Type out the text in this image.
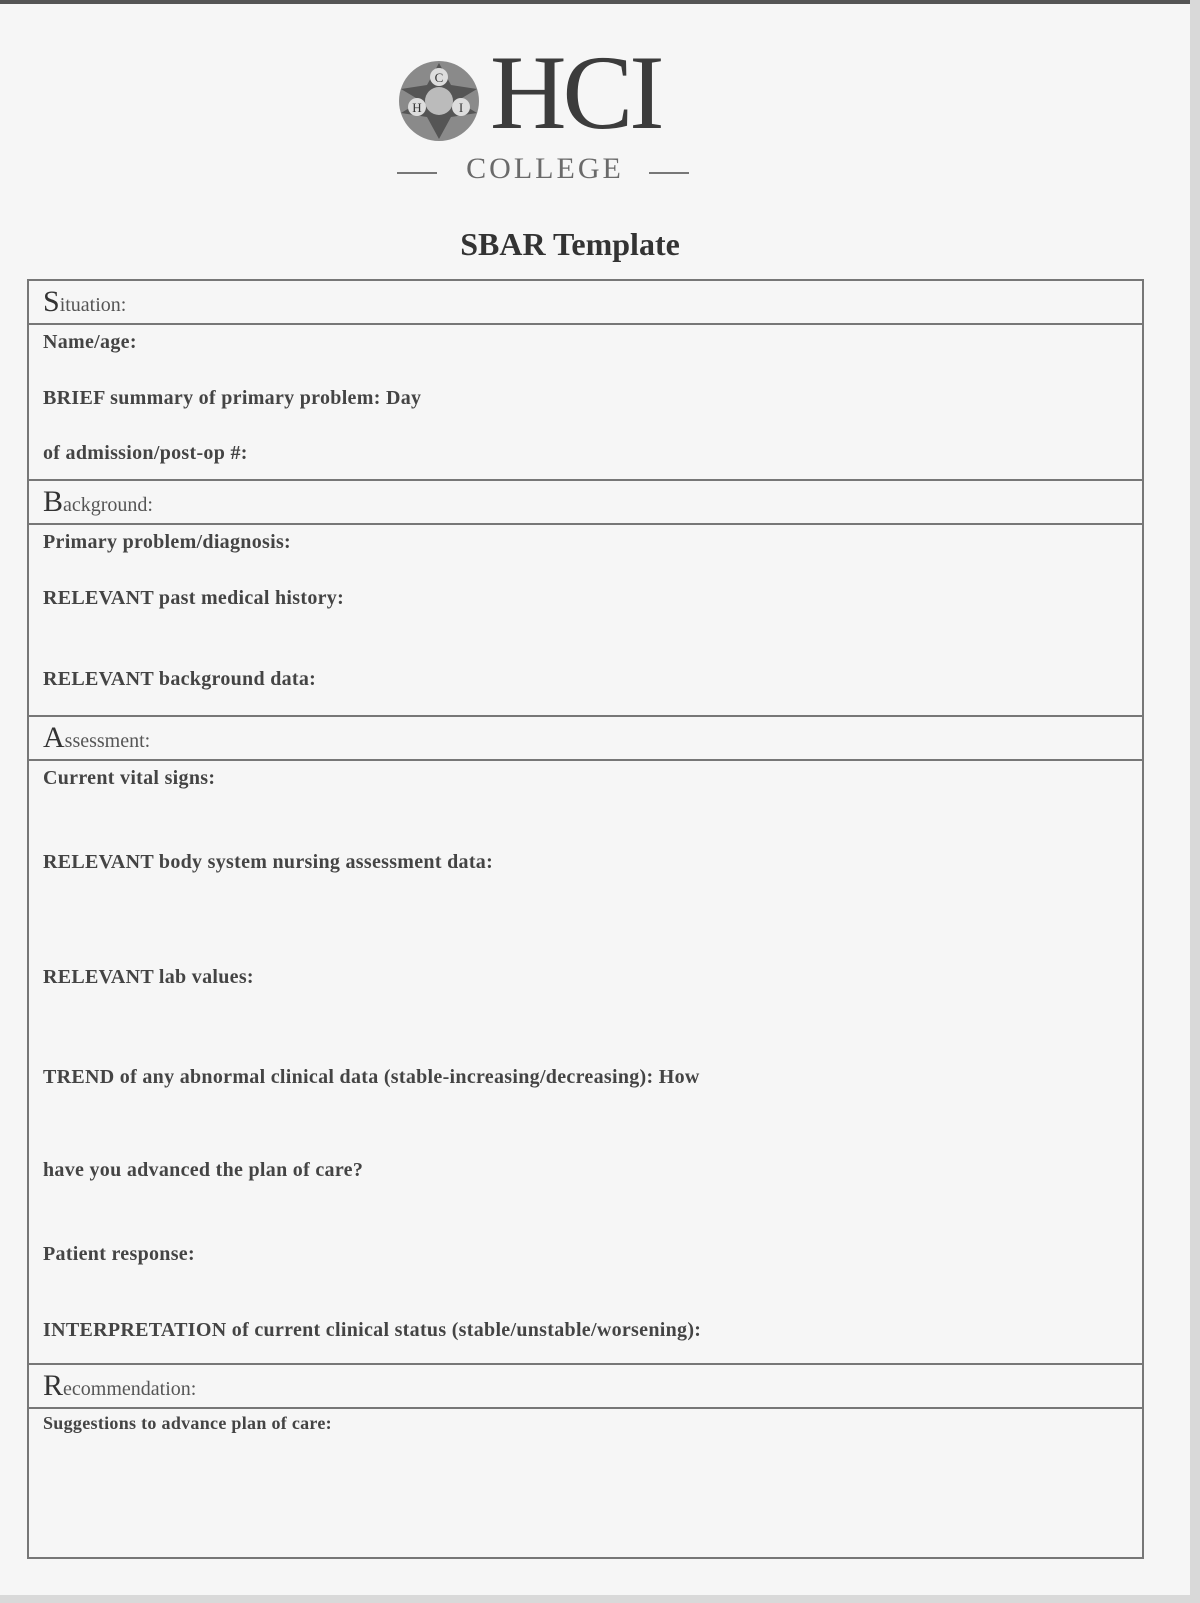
C
H	I HCI
COLLEGE
SBAR Template
Situation:
Name/age:
BRIEF summary of primary problem: Day
of admission/post-op #:
Background:
Primary problem/diagnosis:
RELEVANT past medical history:
RELEVANT background data:
Assessment:
Current vital signs:
RELEVANT body system nursing assessment data:
RELEVANT lab values:
TREND of any abnormal clinical data (stable-increasing/decreasing): How
have you advanced the plan of care?
Patient response:
INTERPRETATION of current clinical status (stable/unstable/worsening):
Recommendation:
Suggestions to advance plan of care:
